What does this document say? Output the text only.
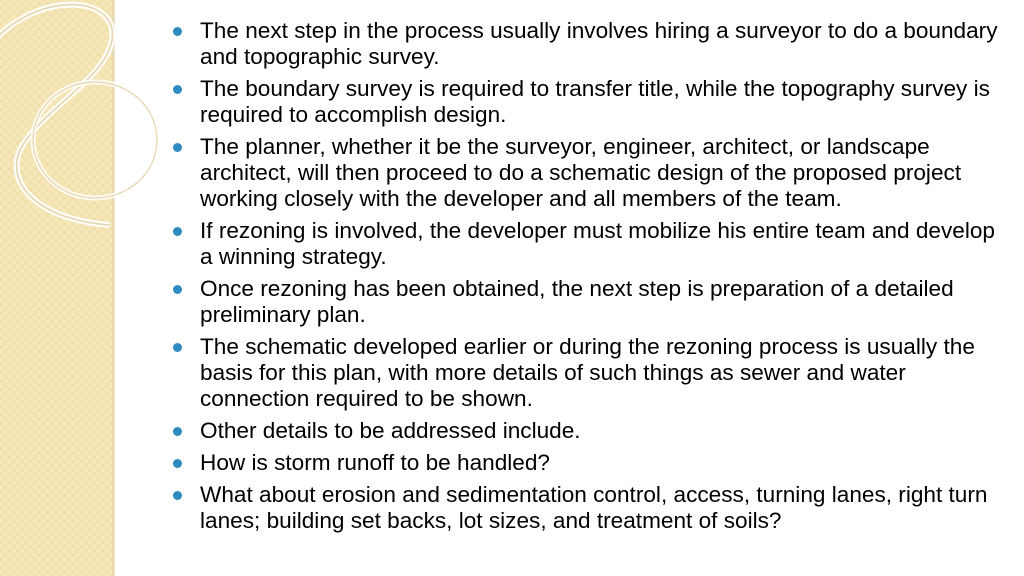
The next step in the process usually involves hiring a surveyor to do a boundary and topographic survey.
The boundary survey is required to transfer title, while the topography survey is required to accomplish design.
The planner, whether it be the surveyor, engineer, architect, or landscape architect, will then proceed to do a schematic design of the proposed project working closely with the developer and all members of the team.
If rezoning is involved, the developer must mobilize his entire team and develop a winning strategy.
Once rezoning has been obtained, the next step is preparation of a detailed preliminary plan.
The schematic developed earlier or during the rezoning process is usually the basis for this plan, with more details of such things as sewer and water connection required to be shown.
Other details to be addressed include.
How is storm runoff to be handled?
What about erosion and sedimentation control, access, turning lanes, right turn lanes; building set backs, lot sizes, and treatment of soils?
